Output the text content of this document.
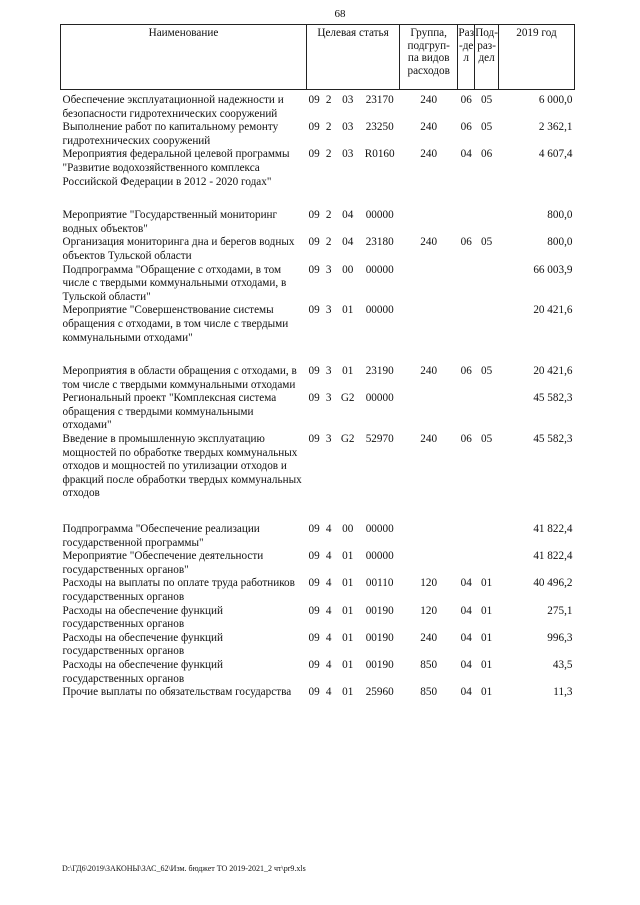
68
Наименование	Целевая статья				Группа, подгруп-па видов расходов	Раз-дел	Под-раз-дел	2019 год
Обеспечение эксплуатационной надежности и безопасности гидротехнических сооружений	09	2	03	23170	240	06	05	6 000,0
Выполнение работ по капитальному ремонту гидротехнических сооружений	09	2	03	23250	240	06	05	2 362,1
Мероприятия федеральной целевой программы "Развитие водохозяйственного комплекса Российской Федерации в 2012 - 2020 годах"	09	2	03	R0160	240	04	06	4 607,4
Мероприятие "Государственный мониторинг водных объектов"	09	2	04	00000				800,0
Организация мониторинга дна и берегов водных объектов Тульской области	09	2	04	23180	240	06	05	800,0
Подпрограмма "Обращение с отходами, в том числе с твердыми коммунальными отходами, в Тульской области"	09	3	00	00000				66 003,9
Мероприятие "Совершенствование системы обращения с отходами, в том числе с твердыми коммунальными отходами"	09	3	01	00000				20 421,6
Мероприятия в области обращения с отходами, в том числе с твердыми коммунальными отходами	09	3	01	23190	240	06	05	20 421,6
Региональный проект "Комплексная система обращения с твердыми коммунальными отходами"	09	3	G2	00000				45 582,3
Введение в промышленную эксплуатацию мощностей по обработке твердых коммунальных отходов и мощностей по утилизации отходов и фракций после обработки твердых коммунальных отходов	09	3	G2	52970	240	06	05	45 582,3
Подпрограмма "Обеспечение реализации государственной программы"	09	4	00	00000				41 822,4
Мероприятие "Обеспечение деятельности государственных органов"	09	4	01	00000				41 822,4
Расходы на выплаты по оплате труда работников государственных органов	09	4	01	00110	120	04	01	40 496,2
Расходы на обеспечение функций государственных органов	09	4	01	00190	120	04	01	275,1
Расходы на обеспечение функций государственных органов	09	4	01	00190	240	04	01	996,3
Расходы на обеспечение функций государственных органов	09	4	01	00190	850	04	01	43,5
Прочие выплаты по обязательствам государства	09	4	01	25960	850	04	01	11,3
D:\ГД6\2019\ЗАКОНЫ\ЗАС_62\Изм. бюджет ТО 2019-2021_2 чт\pr9.xls
